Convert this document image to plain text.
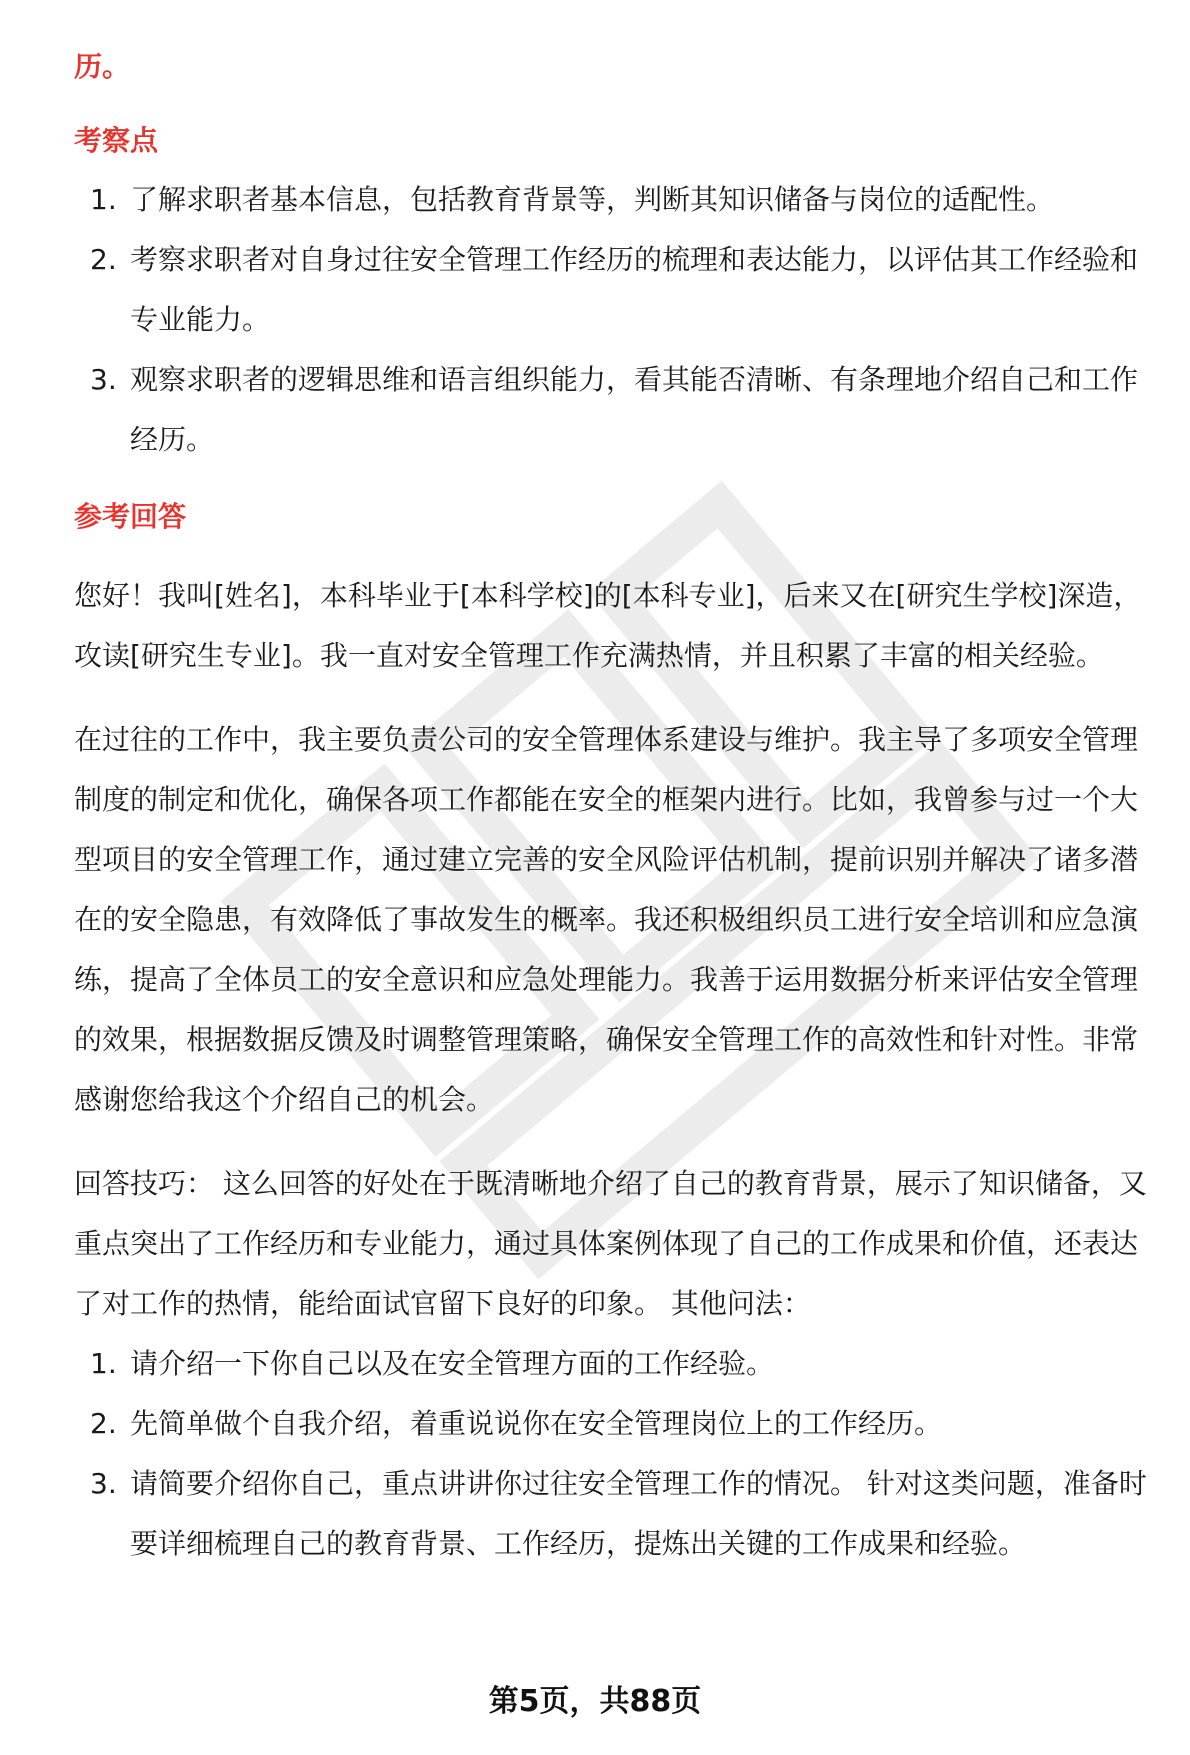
历。

考察点

1. 了解求职者基本信息，包括教育背景等，判断其知识储备与岗位的适配性。
2. 考察求职者对自身过往安全管理工作经历的梳理和表达能力，以评估其工作经验和专业能力。
3. 观察求职者的逻辑思维和语言组织能力，看其能否清晰、有条理地介绍自己和工作经历。

参考回答

您好！我叫[姓名]，本科毕业于[本科学校]的[本科专业]，后来又在[研究生学校]深造，攻读[研究生专业]。我一直对安全管理工作充满热情，并且积累了丰富的相关经验。

在过往的工作中，我主要负责公司的安全管理体系建设与维护。我主导了多项安全管理制度的制定和优化，确保各项工作都能在安全的框架内进行。比如，我曾参与过一个大型项目的安全管理工作，通过建立完善的安全风险评估机制，提前识别并解决了诸多潜在的安全隐患，有效降低了事故发生的概率。我还积极组织员工进行安全培训和应急演练，提高了全体员工的安全意识和应急处理能力。我善于运用数据分析来评估安全管理的效果，根据数据反馈及时调整管理策略，确保安全管理工作的高效性和针对性。非常感谢您给我这个介绍自己的机会。

回答技巧： 这么回答的好处在于既清晰地介绍了自己的教育背景，展示了知识储备，又重点突出了工作经历和专业能力，通过具体案例体现了自己的工作成果和价值，还表达了对工作的热情，能给面试官留下良好的印象。 其他问法：

1. 请介绍一下你自己以及在安全管理方面的工作经验。
2. 先简单做个自我介绍，着重说说你在安全管理岗位上的工作经历。
3. 请简要介绍你自己，重点讲讲你过往安全管理工作的情况。 针对这类问题，准备时要详细梳理自己的教育背景、工作经历，提炼出关键的工作成果和经验。
第5页，共88页
